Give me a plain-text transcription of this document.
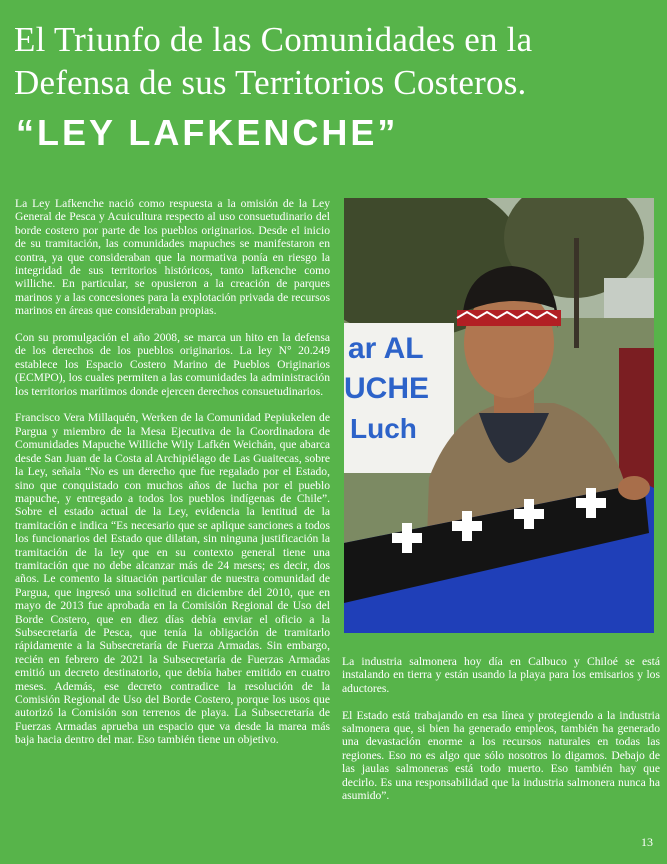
El Triunfo de las Comunidades en la
Defensa de sus Territorios Costeros.
“LEY LAFKENCHE”

La Ley Lafkenche nació como respuesta a la omisión de la Ley General de Pesca y Acuicultura respecto al uso consuetudinario del borde costero por parte de los pueblos originarios. Desde el inicio de su tramitación, las comunidades mapuches se manifestaron en contra, ya que consideraban que la normativa ponía en riesgo la integridad de sus territorios históricos, tanto lafkenche como williche. En particular, se opusieron a la creación de parques marinos y a las concesiones para la explotación privada de recursos marinos en áreas que consideraban propias.

Con su promulgación el año 2008, se marca un hito en la defensa de los derechos de los pueblos originarios. La ley N° 20.249 establece los Espacio Costero Marino de Pueblos Originarios (ECMPO), los cuales permiten a las comunidades la administración los territorios marítimos donde ejercen derechos consuetudinarios.

Francisco Vera Millaquén, Werken de la Comunidad Pepiukelen de Pargua y miembro de la Mesa Ejecutiva de la Coordinadora de Comunidades Mapuche Williche Wily Lafkén Weichán, que abarca desde San Juan de la Costa al Archipiélago de Las Guaitecas, sobre la Ley, señala “No es un derecho que fue regalado por el Estado, sino que conquistado con muchos años de lucha por el pueblo mapuche, y entregado a todos los pueblos indígenas de Chile”. Sobre el estado actual de la Ley, evidencia la lentitud de la tramitación e indica “Es necesario que se aplique sanciones a todos los funcionarios del Estado que dilatan, sin ninguna justificación la tramitación de la ley que en su contexto general tiene una tramitación que no debe alcanzar más de 24 meses; es decir, dos años. Le comento la situación particular de nuestra comunidad de Pargua, que ingresó una solicitud en diciembre del 2010, que en mayo de 2013 fue aprobada en la Comisión Regional de Uso del Borde Costero, que en diez días debía enviar el oficio a la Subsecretaría de Pesca, que tenía la obligación de tramitarlo rápidamente a la Subsecretaría de Fuerza Armadas. Sin embargo, recién en febrero de 2021 la Subsecretaría de Fuerzas Armadas emitió un decreto destinatorio, que debía haber emitido en cuatro meses. Además, ese decreto contradice la resolución de la Comisión Regional de Uso del Borde Costero, porque los usos que autorizó la Comisión son terrenos de playa. La Subsecretaría de Fuerzas Armadas aprueba un espacio que va desde la marea más baja hacia dentro del mar. Eso también tiene un objetivo.

ar AL
UCHE
Luch

La industria salmonera hoy día en Calbuco y Chiloé se está instalando en tierra y están usando la playa para los emisarios y los aductores.

El Estado está trabajando en esa línea y protegiendo a la industria salmonera que, si bien ha generado empleos, también ha generado una devastación enorme a los recursos naturales en todas las regiones. Eso no es algo que sólo nosotros lo digamos. Debajo de las jaulas salmoneras está todo muerto. Eso también hay que decirlo. Es una responsabilidad que la industria salmonera nunca ha asumido”.

13
